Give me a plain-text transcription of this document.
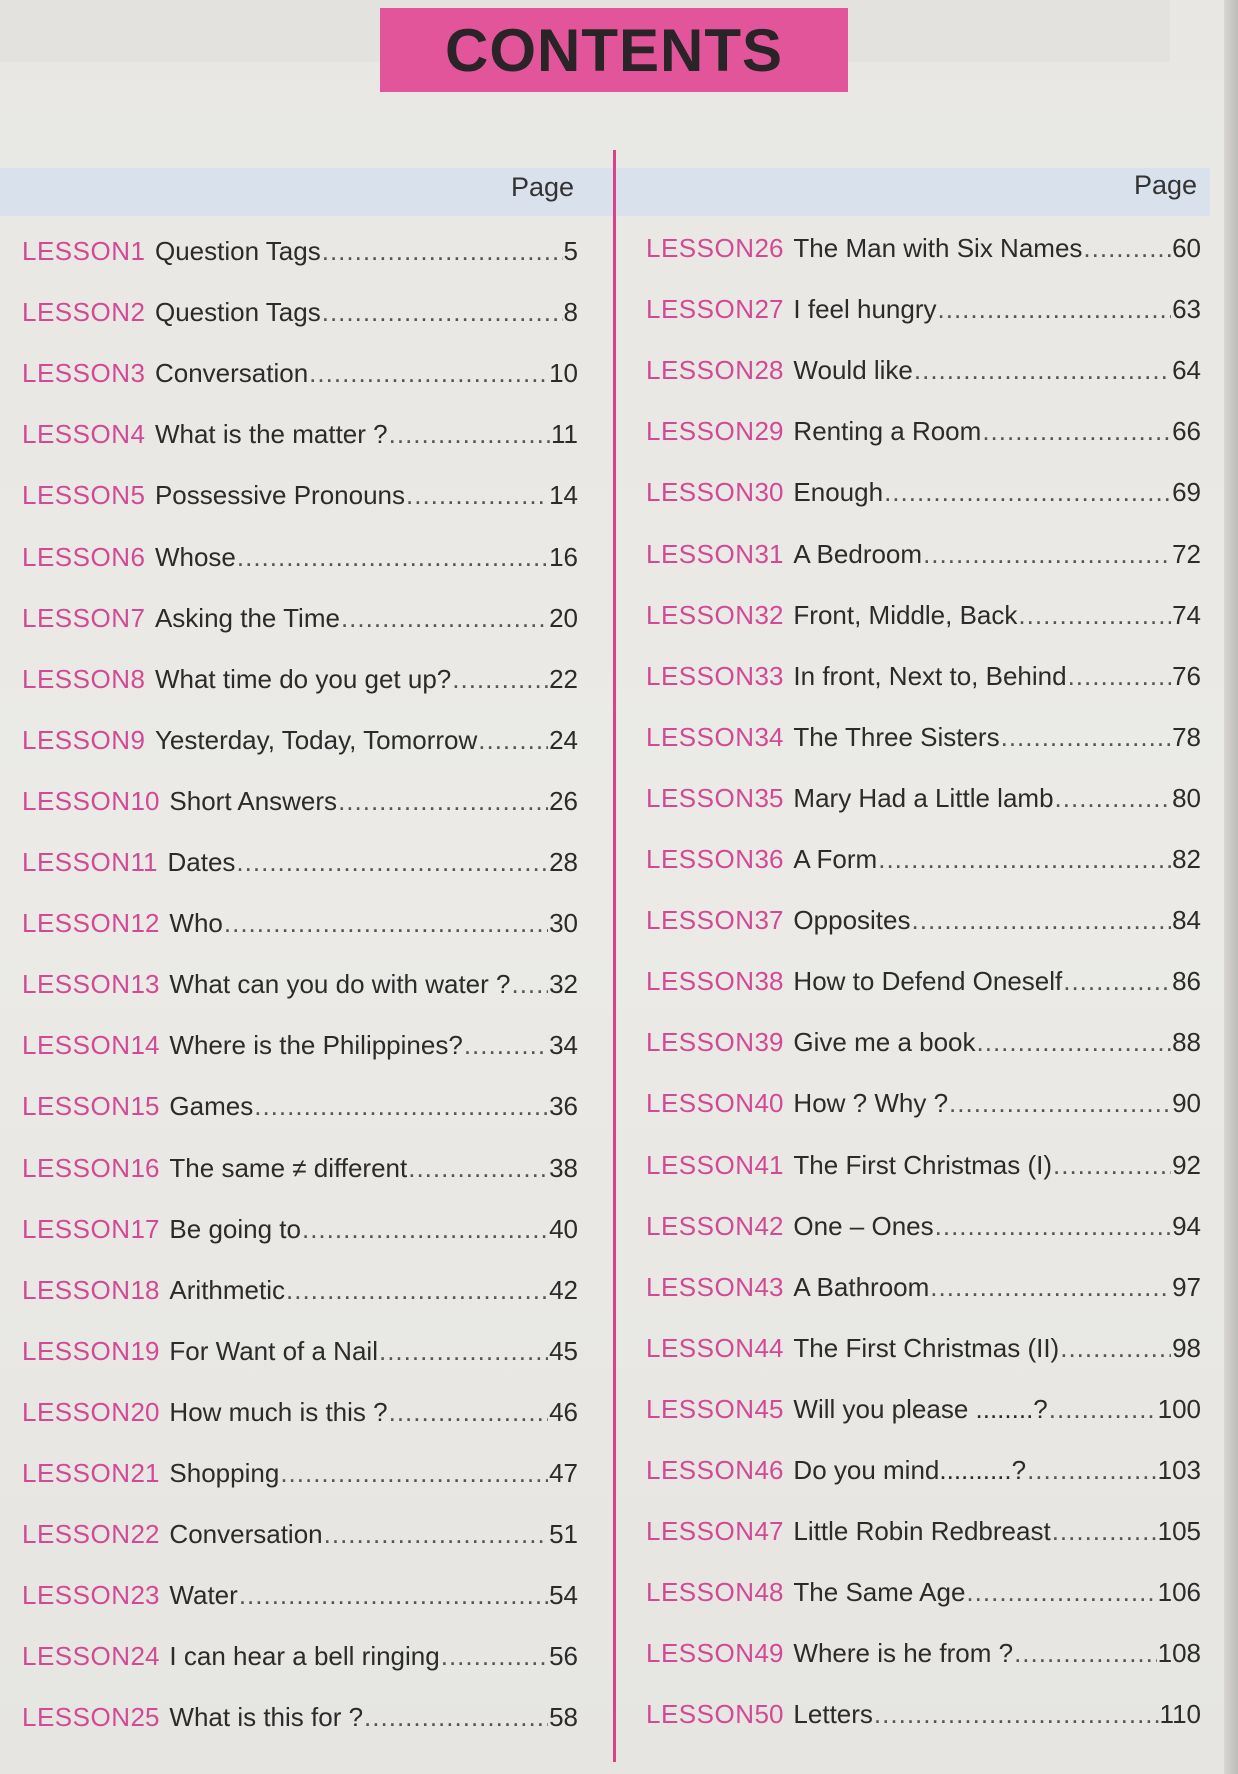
CONTENTS
Page	Page
LESSON 1 Question Tags .....	5
LESSON 2 Question Tags .....	8
LESSON 3 Conversation .....	10
LESSON 4 What is the matter ? .....	11
LESSON 5 Possessive Pronouns .....	14
LESSON 6 Whose .....	16
LESSON 7 Asking the Time .....	20
LESSON 8 What time do you get up? .....	22
LESSON 9 Yesterday, Today, Tomorrow .....	24
LESSON 10 Short Answers .....	26
LESSON 11 Dates .....	28
LESSON 12 Who .....	30
LESSON 13 What can you do with water ? ..... 32
LESSON 14 Where is the Philippines? .....	34
LESSON 15 Games .....	36
LESSON 16 The same ≠ different .....	38
LESSON 17 Be going to .....	40
LESSON 18 Arithmetic .....	42
LESSON 19 For Want of a Nail .....	45
LESSON 20 How much is this ? .....	46
LESSON 21 Shopping .....	47
LESSON 22 Conversation .....	51
LESSON 23 Water .....	54
LESSON 24 I can hear a bell ringing .....	56
LESSON 25 What is this for ? .....	58
LESSON 26 The Man with Six Names .....	60
LESSON 27 I feel hungry .....	63
LESSON 28 Would like .....	64
LESSON 29 Renting a Room .....	66
LESSON 30 Enough .....	69
LESSON 31 A Bedroom .....	72
LESSON 32 Front, Middle, Back .....	74
LESSON 33 In front, Next to, Behind .....	76
LESSON 34 The Three Sisters .....	78
LESSON 35 Mary Had a Little lamb .....	80
LESSON 36 A Form .....	82
LESSON 37 Opposites .....	84
LESSON 38 How to Defend Oneself .....	86
LESSON 39 Give me a book .....	88
LESSON 40 How ? Why ? .....	90
LESSON 41 The First Christmas (I) .....	92
LESSON 42 One – Ones .....	94
LESSON 43 A Bathroom .....	97
LESSON 44 The First Christmas (II) .....	98
LESSON 45 Will you please ........? .....	100
LESSON 46 Do you mind..........? .....	103
LESSON 47 Little Robin Redbreast .....	105
LESSON 48 The Same Age .....	106
LESSON 49 Where is he from ? .....	108
LESSON 50 Letters .....	110
